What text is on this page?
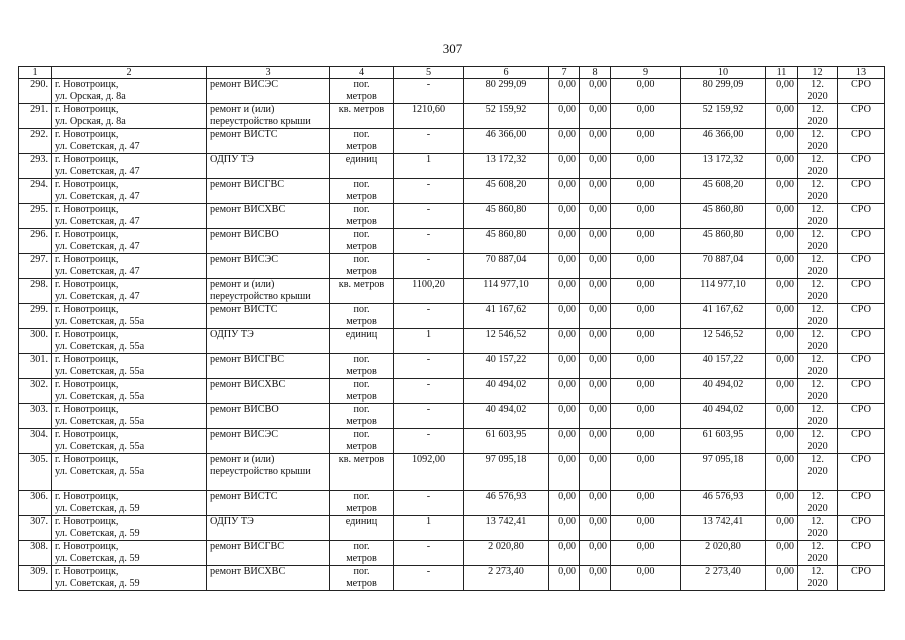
307
1	2	3	4	5	6	7	8	9	10	11	12	13

290.	г. Новотроицк,
ул. Орская, д. 8а	ремонт ВИСЭС	пог.
метров	-	80 299,09	0,00	0,00	0,00	80 299,09	0,00	12.
2020	СРО

291.	г. Новотроицк,
ул. Орская, д. 8а	ремонт и (или)
переустройство крыши	кв. метров	1210,60	52 159,92	0,00	0,00	0,00	52 159,92	0,00	12.
2020	СРО

292.	г. Новотроицк,
ул. Советская, д. 47	ремонт ВИСТС	пог.
метров	-	46 366,00	0,00	0,00	0,00	46 366,00	0,00	12.
2020	СРО

293.	г. Новотроицк,
ул. Советская, д. 47	ОДПУ ТЭ	единиц	1	13 172,32	0,00	0,00	0,00	13 172,32	0,00	12.
2020	СРО

294.	г. Новотроицк,
ул. Советская, д. 47	ремонт ВИСГВС	пог.
метров	-	45 608,20	0,00	0,00	0,00	45 608,20	0,00	12.
2020	СРО

295.	г. Новотроицк,
ул. Советская, д. 47	ремонт ВИСХВС	пог.
метров	-	45 860,80	0,00	0,00	0,00	45 860,80	0,00	12.
2020	СРО

296.	г. Новотроицк,
ул. Советская, д. 47	ремонт ВИСВО	пог.
метров	-	45 860,80	0,00	0,00	0,00	45 860,80	0,00	12.
2020	СРО

297.	г. Новотроицк,
ул. Советская, д. 47	ремонт ВИСЭС	пог.
метров	-	70 887,04	0,00	0,00	0,00	70 887,04	0,00	12.
2020	СРО

298.	г. Новотроицк,
ул. Советская, д. 47	ремонт и (или)
переустройство крыши	кв. метров	1100,20	114 977,10	0,00	0,00	0,00	114 977,10	0,00	12.
2020	СРО

299.	г. Новотроицк,
ул. Советская, д. 55а	ремонт ВИСТС	пог.
метров	-	41 167,62	0,00	0,00	0,00	41 167,62	0,00	12.
2020	СРО

300.	г. Новотроицк,
ул. Советская, д. 55а	ОДПУ ТЭ	единиц	1	12 546,52	0,00	0,00	0,00	12 546,52	0,00	12.
2020	СРО

301.	г. Новотроицк,
ул. Советская, д. 55а	ремонт ВИСГВС	пог.
метров	-	40 157,22	0,00	0,00	0,00	40 157,22	0,00	12.
2020	СРО

302.	г. Новотроицк,
ул. Советская, д. 55а	ремонт ВИСХВС	пог.
метров	-	40 494,02	0,00	0,00	0,00	40 494,02	0,00	12.
2020	СРО

303.	г. Новотроицк,
ул. Советская, д. 55а	ремонт ВИСВО	пог.
метров	-	40 494,02	0,00	0,00	0,00	40 494,02	0,00	12.
2020	СРО

304.	г. Новотроицк,
ул. Советская, д. 55а	ремонт ВИСЭС	пог.
метров	-	61 603,95	0,00	0,00	0,00	61 603,95	0,00	12.
2020	СРО

305.	г. Новотроицк,
ул. Советская, д. 55а	ремонт и (или)
переустройство крыши	кв. метров	1092,00	97 095,18	0,00	0,00	0,00	97 095,18	0,00	12.
2020	СРО

306.	г. Новотроицк,
ул. Советская, д. 59	ремонт ВИСТС	пог.
метров	-	46 576,93	0,00	0,00	0,00	46 576,93	0,00	12.
2020	СРО

307.	г. Новотроицк,
ул. Советская, д. 59	ОДПУ ТЭ	единиц	1	13 742,41	0,00	0,00	0,00	13 742,41	0,00	12.
2020	СРО

308.	г. Новотроицк,
ул. Советская, д. 59	ремонт ВИСГВС	пог.
метров	-	2 020,80	0,00	0,00	0,00	2 020,80	0,00	12.
2020	СРО

309.	г. Новотроицк,
ул. Советская, д. 59	ремонт ВИСХВС	пог.
метров	-	2 273,40	0,00	0,00	0,00	2 273,40	0,00	12.
2020	СРО
